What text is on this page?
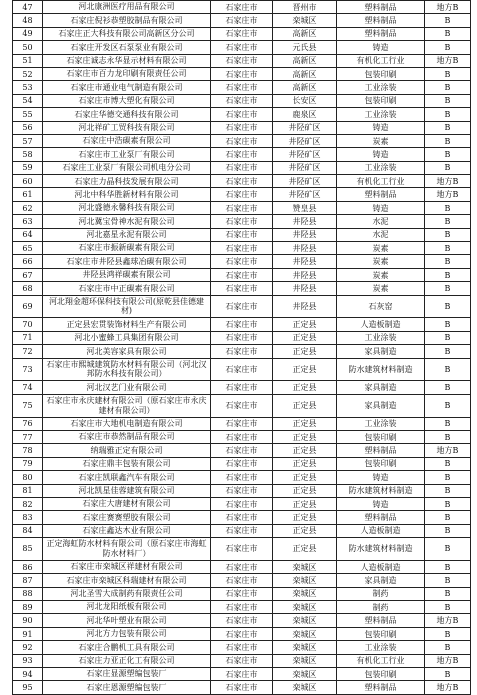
47	河北康洲医疗用品有限公司	石家庄市	晋州市	塑料制品	地方B
48	石家庄倪衫恭塑胶制品有限公司	石家庄市	栾城区	塑料制品	B
49	石家庄正大科技有限公司高新区分公司	石家庄市	高新区	塑料制品	B
50	石家庄开发区石泵泵业有限公司	石家庄市	元氏县	铸造	B
51	石家庄诚志永华显示材料有限公司	石家庄市	高新区	有机化工行业	地方B
52	石家庄市百力龙印刷有限责任公司	石家庄市	高新区	包装印刷	B
53	石家庄市通业电气制造有限公司	石家庄市	高新区	工业涂装	B
54	石家庄市博大塑化有限公司	石家庄市	长安区	包装印刷	B
55	石家庄华德交通科技有限公司	石家庄市	鹿泉区	工业涂装	B
56	河北祥矿工贸科技有限公司	石家庄市	井陉矿区	铸造	B
57	石家庄中浩碳素有限公司	石家庄市	井陉矿区	炭素	B
58	石家庄市工业泵厂有限公司	石家庄市	井陉矿区	铸造	B
59	石家庄工业泵厂有限公司机电分公司	石家庄市	井陉矿区	工业涂装	B
60	石家庄力晶科技发展有限公司	石家庄市	井陉矿区	有机化工行业	地方B
61	河北中科华胜新材料有限公司	石家庄市	井陉矿区	塑料制品	地方B
62	河北盛德永馨科技有限公司	石家庄市	赞皇县	铸造	B
63	河北冀宝骨神水泥有限公司	石家庄市	井陉县	水泥	B
64	河北嘉星永泥有限公司	石家庄市	井陉县	水泥	B
65	石家庄市振新碳素有限公司	石家庄市	井陉县	炭素	B
66	石家庄市井陉县鑫球冶碳有限公司	石家庄市	井陉县	炭素	B
67	井陉县鸿祥碳素有限公司	石家庄市	井陉县	炭素	B
68	石家庄市中正碳素有限公司	石家庄市	井陉县	炭素	B
69	河北翔金超环保科技有限公司(原乾县佳德建材)	石家庄市	井陉县	石灰窑	B
70	正定县宏贯装饰材料生产有限公司	石家庄市	正定县	人造板制造	B
71	河北小蜜蜂工具集团有限公司	石家庄市	正定县	工业涂装	B
72	河北美容家具有限公司	石家庄市	正定县	家具制造	B
73	石家庄市熙城建筑防水材料有限公司（河北汉邦防水科技有限公司）	石家庄市	正定县	防水建筑材料制造	B
74	河北汉艺门业有限公司	石家庄市	正定县	家具制造	B
75	石家庄市永庆建材有限公司（原石家庄市永庆建材有限公司）	石家庄市	正定县	家具制造	B
76	石家庄市大地机电制造有限公司	石家庄市	正定县	工业涂装	B
77	石家庄市恭然制品有限公司	石家庄市	正定县	包装印刷	B
78	纳瑞雅正定有限公司	石家庄市	正定县	塑料制品	地方B
79	石家庄鼎丰包装有限公司	石家庄市	正定县	包装印刷	B
80	石家庄凯联鑫汽车有限公司	石家庄市	正定县	铸造	B
81	河北凯星佳蓉建筑有限公司	石家庄市	正定县	防水建筑材料制造	B
82	石家庄大唐建材有限公司	石家庄市	正定县	铸造	B
83	石家庄赛赛塑胶有限公司	石家庄市	正定县	塑料制品	B
84	石家庄鑫达木业有限公司	石家庄市	正定县	人造板制造	B
85	正定海虹防水材料有限公司（原石家庄市海虹防水材料厂）	石家庄市	正定县	防水建筑材料制造	B
86	石家庄市栾城区祥建材有限公司	石家庄市	栾城区	人造板制造	B
87	石家庄市栾城区科瑞建材有限公司	石家庄市	栾城区	家具制造	B
88	河北圣雪大成制药有限责任公司	石家庄市	栾城区	制药	B
89	河北龙阳纸板有限公司	石家庄市	栾城区	制药	B
90	河北华叶塑业有限公司	石家庄市	栾城区	塑料制品	地方B
91	河北方力包装有限公司	石家庄市	栾城区	包装印刷	B
92	石家庄合鹏机工具有限公司	石家庄市	栾城区	工业涂装	B
93	石家庄力亚正化工有限公司	石家庄市	栾城区	有机化工行业	地方B
94	石家庄显源塑编包装厂	石家庄市	栾城区	包装印刷	B
95	石家庄恩源塑编包装厂	石家庄市	栾城区	塑料制品	地方B
